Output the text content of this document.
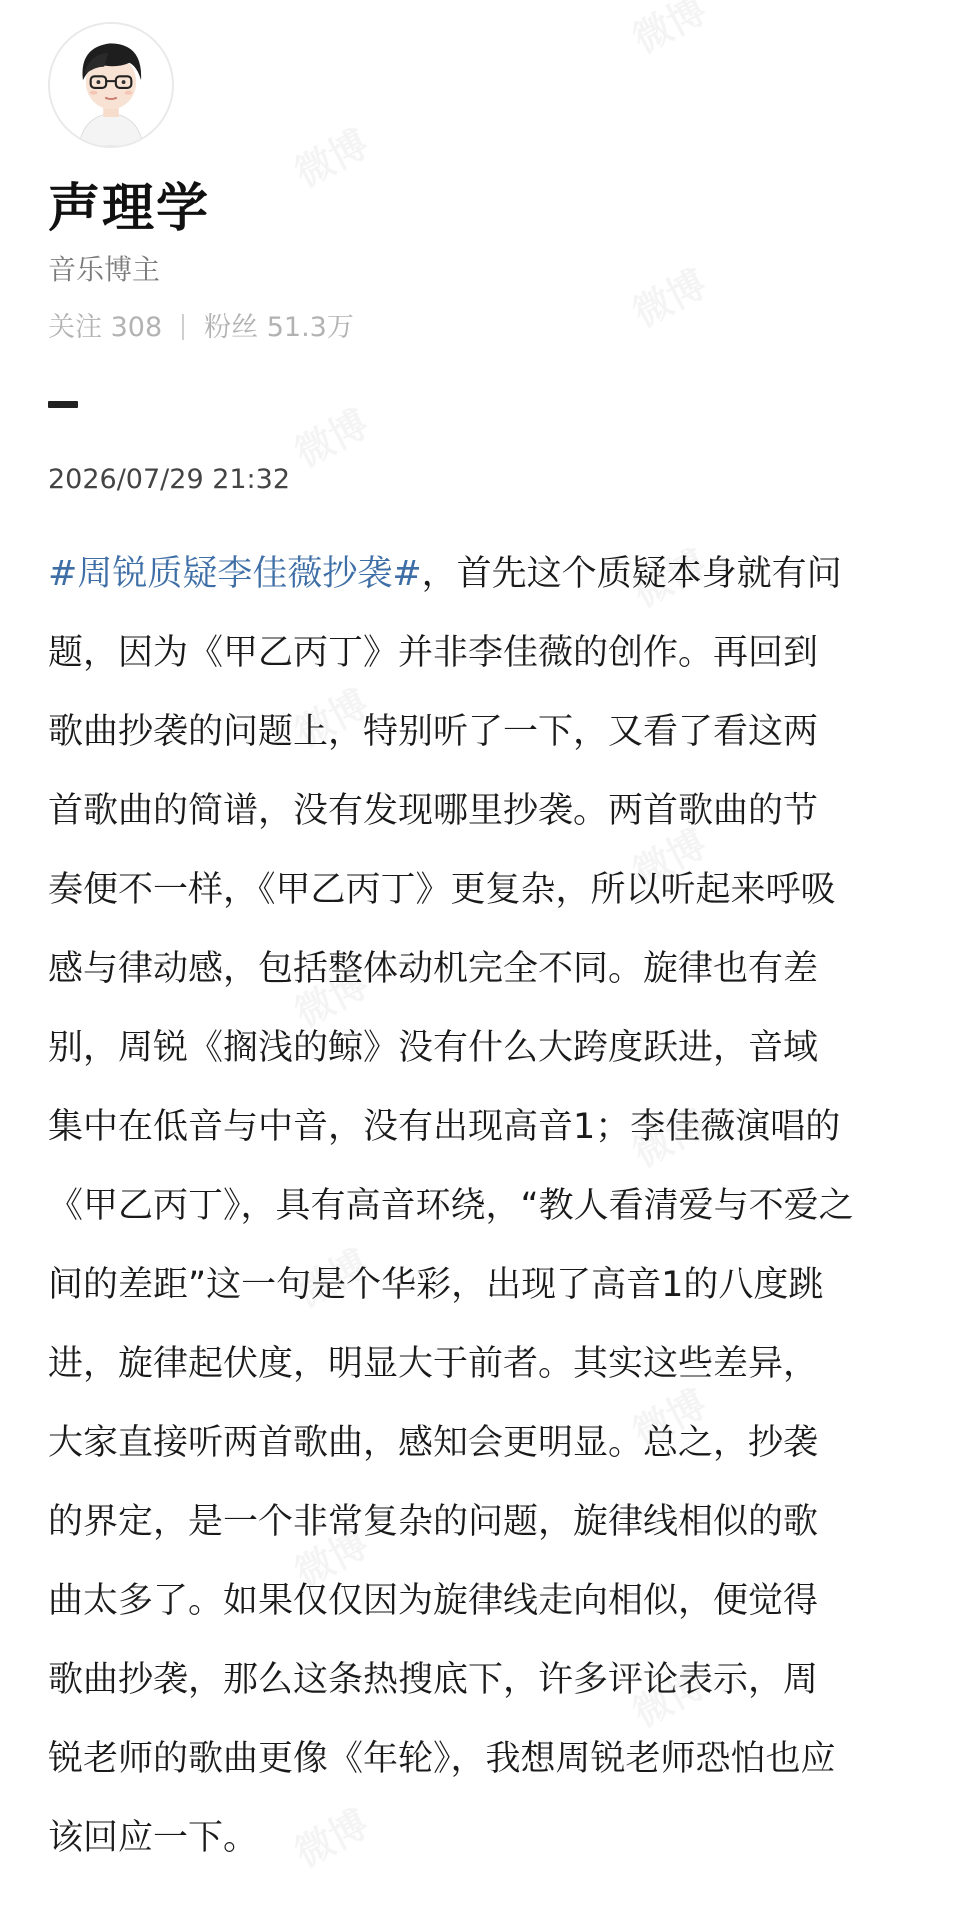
声理学
音乐博主
关注 308 粉丝 51.3万
2026/07/29 21:32
#周锐质疑李佳薇抄袭#，首先这个质疑本身就有问
题，因为《甲乙丙丁》并非李佳薇的创作。再回到
歌曲抄袭的问题上，特别听了一下，又看了看这两
首歌曲的简谱，没有发现哪里抄袭。两首歌曲的节
奏便不一样，《甲乙丙丁》更复杂，所以听起来呼吸
感与律动感，包括整体动机完全不同。旋律也有差
别，周锐《搁浅的鲸》没有什么大跨度跃进，音域
集中在低音与中音，没有出现高音1；李佳薇演唱的
《甲乙丙丁》，具有高音环绕，“教人看清爱与不爱之
间的差距”这一句是个华彩，出现了高音1的八度跳
进，旋律起伏度，明显大于前者。其实这些差异，
大家直接听两首歌曲，感知会更明显。总之，抄袭
的界定，是一个非常复杂的问题，旋律线相似的歌
曲太多了。如果仅仅因为旋律线走向相似，便觉得
歌曲抄袭，那么这条热搜底下，许多评论表示，周
锐老师的歌曲更像《年轮》，我想周锐老师恐怕也应
该回应一下。
